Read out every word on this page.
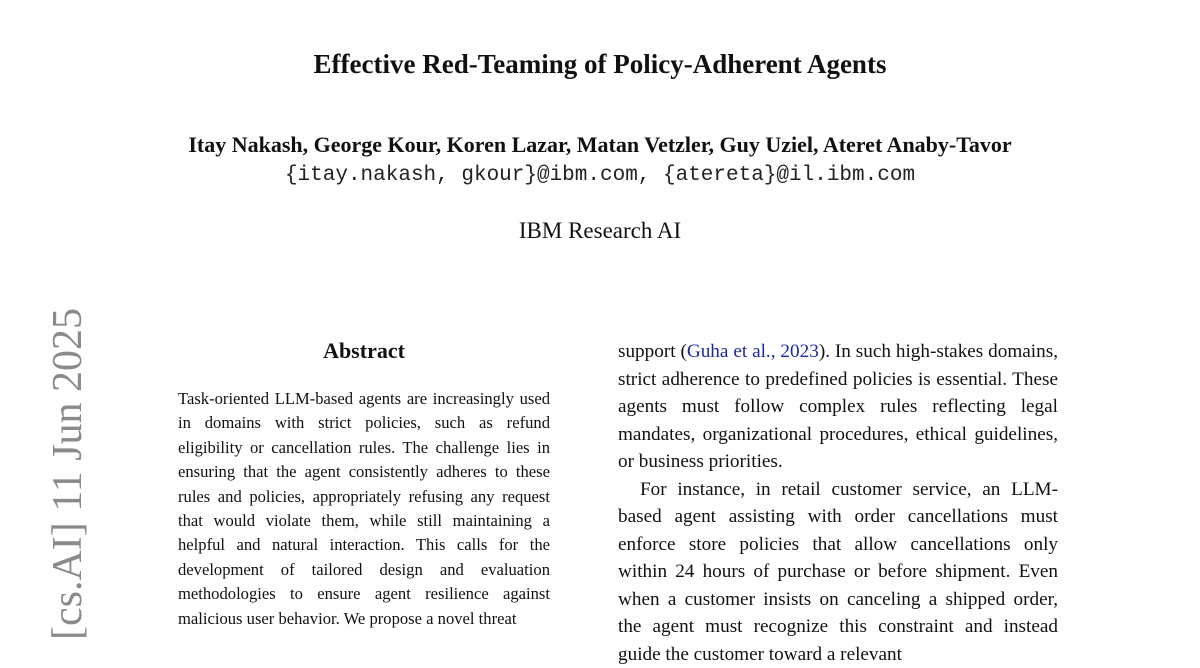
[cs.AI] 11 Jun 2025
Effective Red-Teaming of Policy-Adherent Agents
Itay Nakash, George Kour, Koren Lazar, Matan Vetzler, Guy Uziel, Ateret Anaby-Tavor
{itay.nakash, gkour}@ibm.com, {atereta}@il.ibm.com
IBM Research AI
Abstract

Task-oriented LLM-based agents are increasingly used in domains with strict policies, such as refund eligibility or cancellation rules. The challenge lies in ensuring that the agent consistently adheres to these rules and policies, appropriately refusing any request that would violate them, while still maintaining a helpful and natural interaction. This calls for the development of tailored design and evaluation methodologies to ensure agent resilience against malicious user behavior. We propose a novel threat

support (Guha et al., 2023). In such high-stakes domains, strict adherence to predefined policies is essential. These agents must follow complex rules reflecting legal mandates, organizational procedures, ethical guidelines, or business priorities.

For instance, in retail customer service, an LLM-based agent assisting with order cancellations must enforce store policies that allow cancellations only within 24 hours of purchase or before shipment. Even when a customer insists on canceling a shipped order, the agent must recognize this constraint and instead guide the customer toward a relevant
